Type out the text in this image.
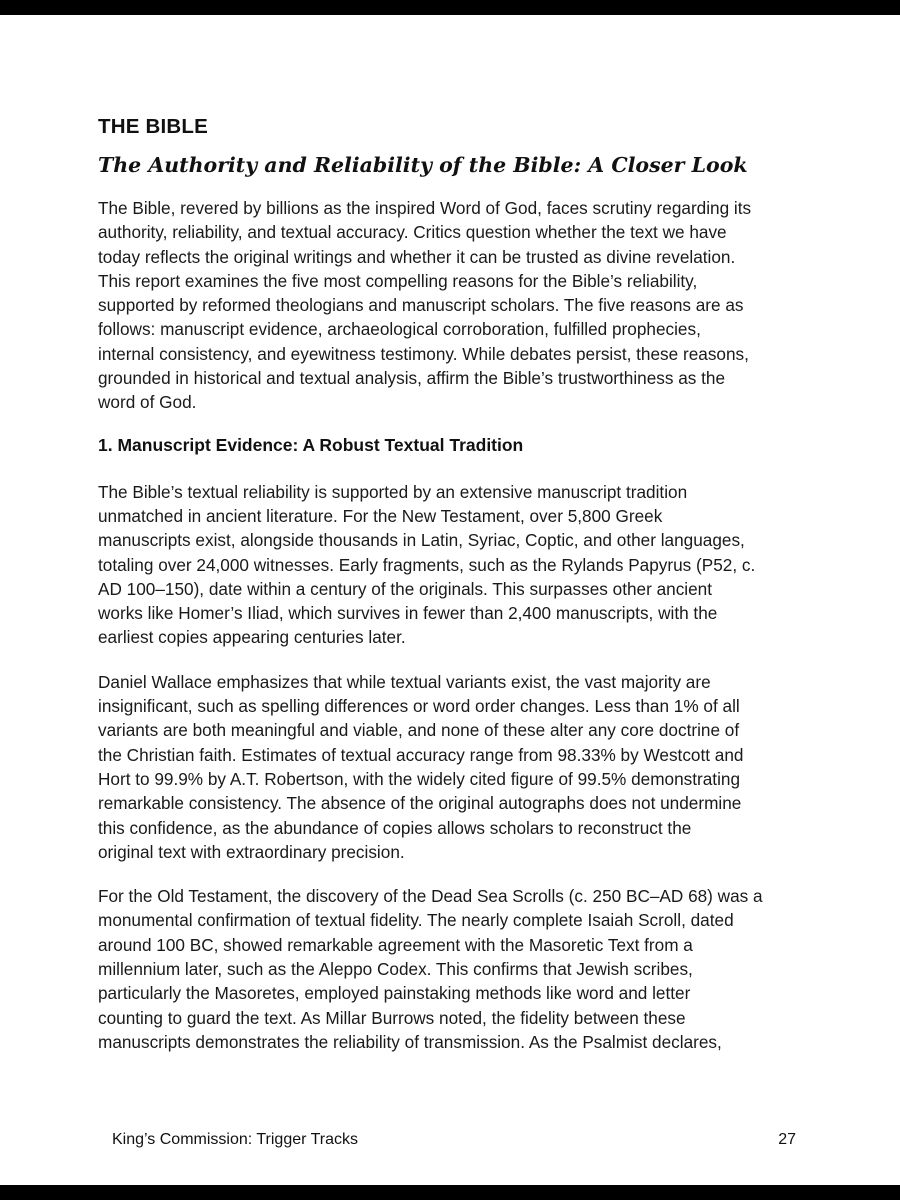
THE BIBLE
The Authority and Reliability of the Bible: A Closer Look

The Bible, revered by billions as the inspired Word of God, faces scrutiny regarding its
authority, reliability, and textual accuracy. Critics question whether the text we have
today reflects the original writings and whether it can be trusted as divine revelation.
This report examines the five most compelling reasons for the Bible’s reliability,
supported by reformed theologians and manuscript scholars. The five reasons are as
follows: manuscript evidence, archaeological corroboration, fulfilled prophecies,
internal consistency, and eyewitness testimony. While debates persist, these reasons,
grounded in historical and textual analysis, affirm the Bible’s trustworthiness as the
word of God.

1. Manuscript Evidence: A Robust Textual Tradition

The Bible’s textual reliability is supported by an extensive manuscript tradition
unmatched in ancient literature. For the New Testament, over 5,800 Greek
manuscripts exist, alongside thousands in Latin, Syriac, Coptic, and other languages,
totaling over 24,000 witnesses. Early fragments, such as the Rylands Papyrus (P52, c.
AD 100–150), date within a century of the originals. This surpasses other ancient
works like Homer’s Iliad, which survives in fewer than 2,400 manuscripts, with the
earliest copies appearing centuries later.

Daniel Wallace emphasizes that while textual variants exist, the vast majority are
insignificant, such as spelling differences or word order changes. Less than 1% of all
variants are both meaningful and viable, and none of these alter any core doctrine of
the Christian faith. Estimates of textual accuracy range from 98.33% by Westcott and
Hort to 99.9% by A.T. Robertson, with the widely cited figure of 99.5% demonstrating
remarkable consistency. The absence of the original autographs does not undermine
this confidence, as the abundance of copies allows scholars to reconstruct the
original text with extraordinary precision.

For the Old Testament, the discovery of the Dead Sea Scrolls (c. 250 BC–AD 68) was a
monumental confirmation of textual fidelity. The nearly complete Isaiah Scroll, dated
around 100 BC, showed remarkable agreement with the Masoretic Text from a
millennium later, such as the Aleppo Codex. This confirms that Jewish scribes,
particularly the Masoretes, employed painstaking methods like word and letter
counting to guard the text. As Millar Burrows noted, the fidelity between these
manuscripts demonstrates the reliability of transmission. As the Psalmist declares,

King’s Commission: Trigger Tracks	27
